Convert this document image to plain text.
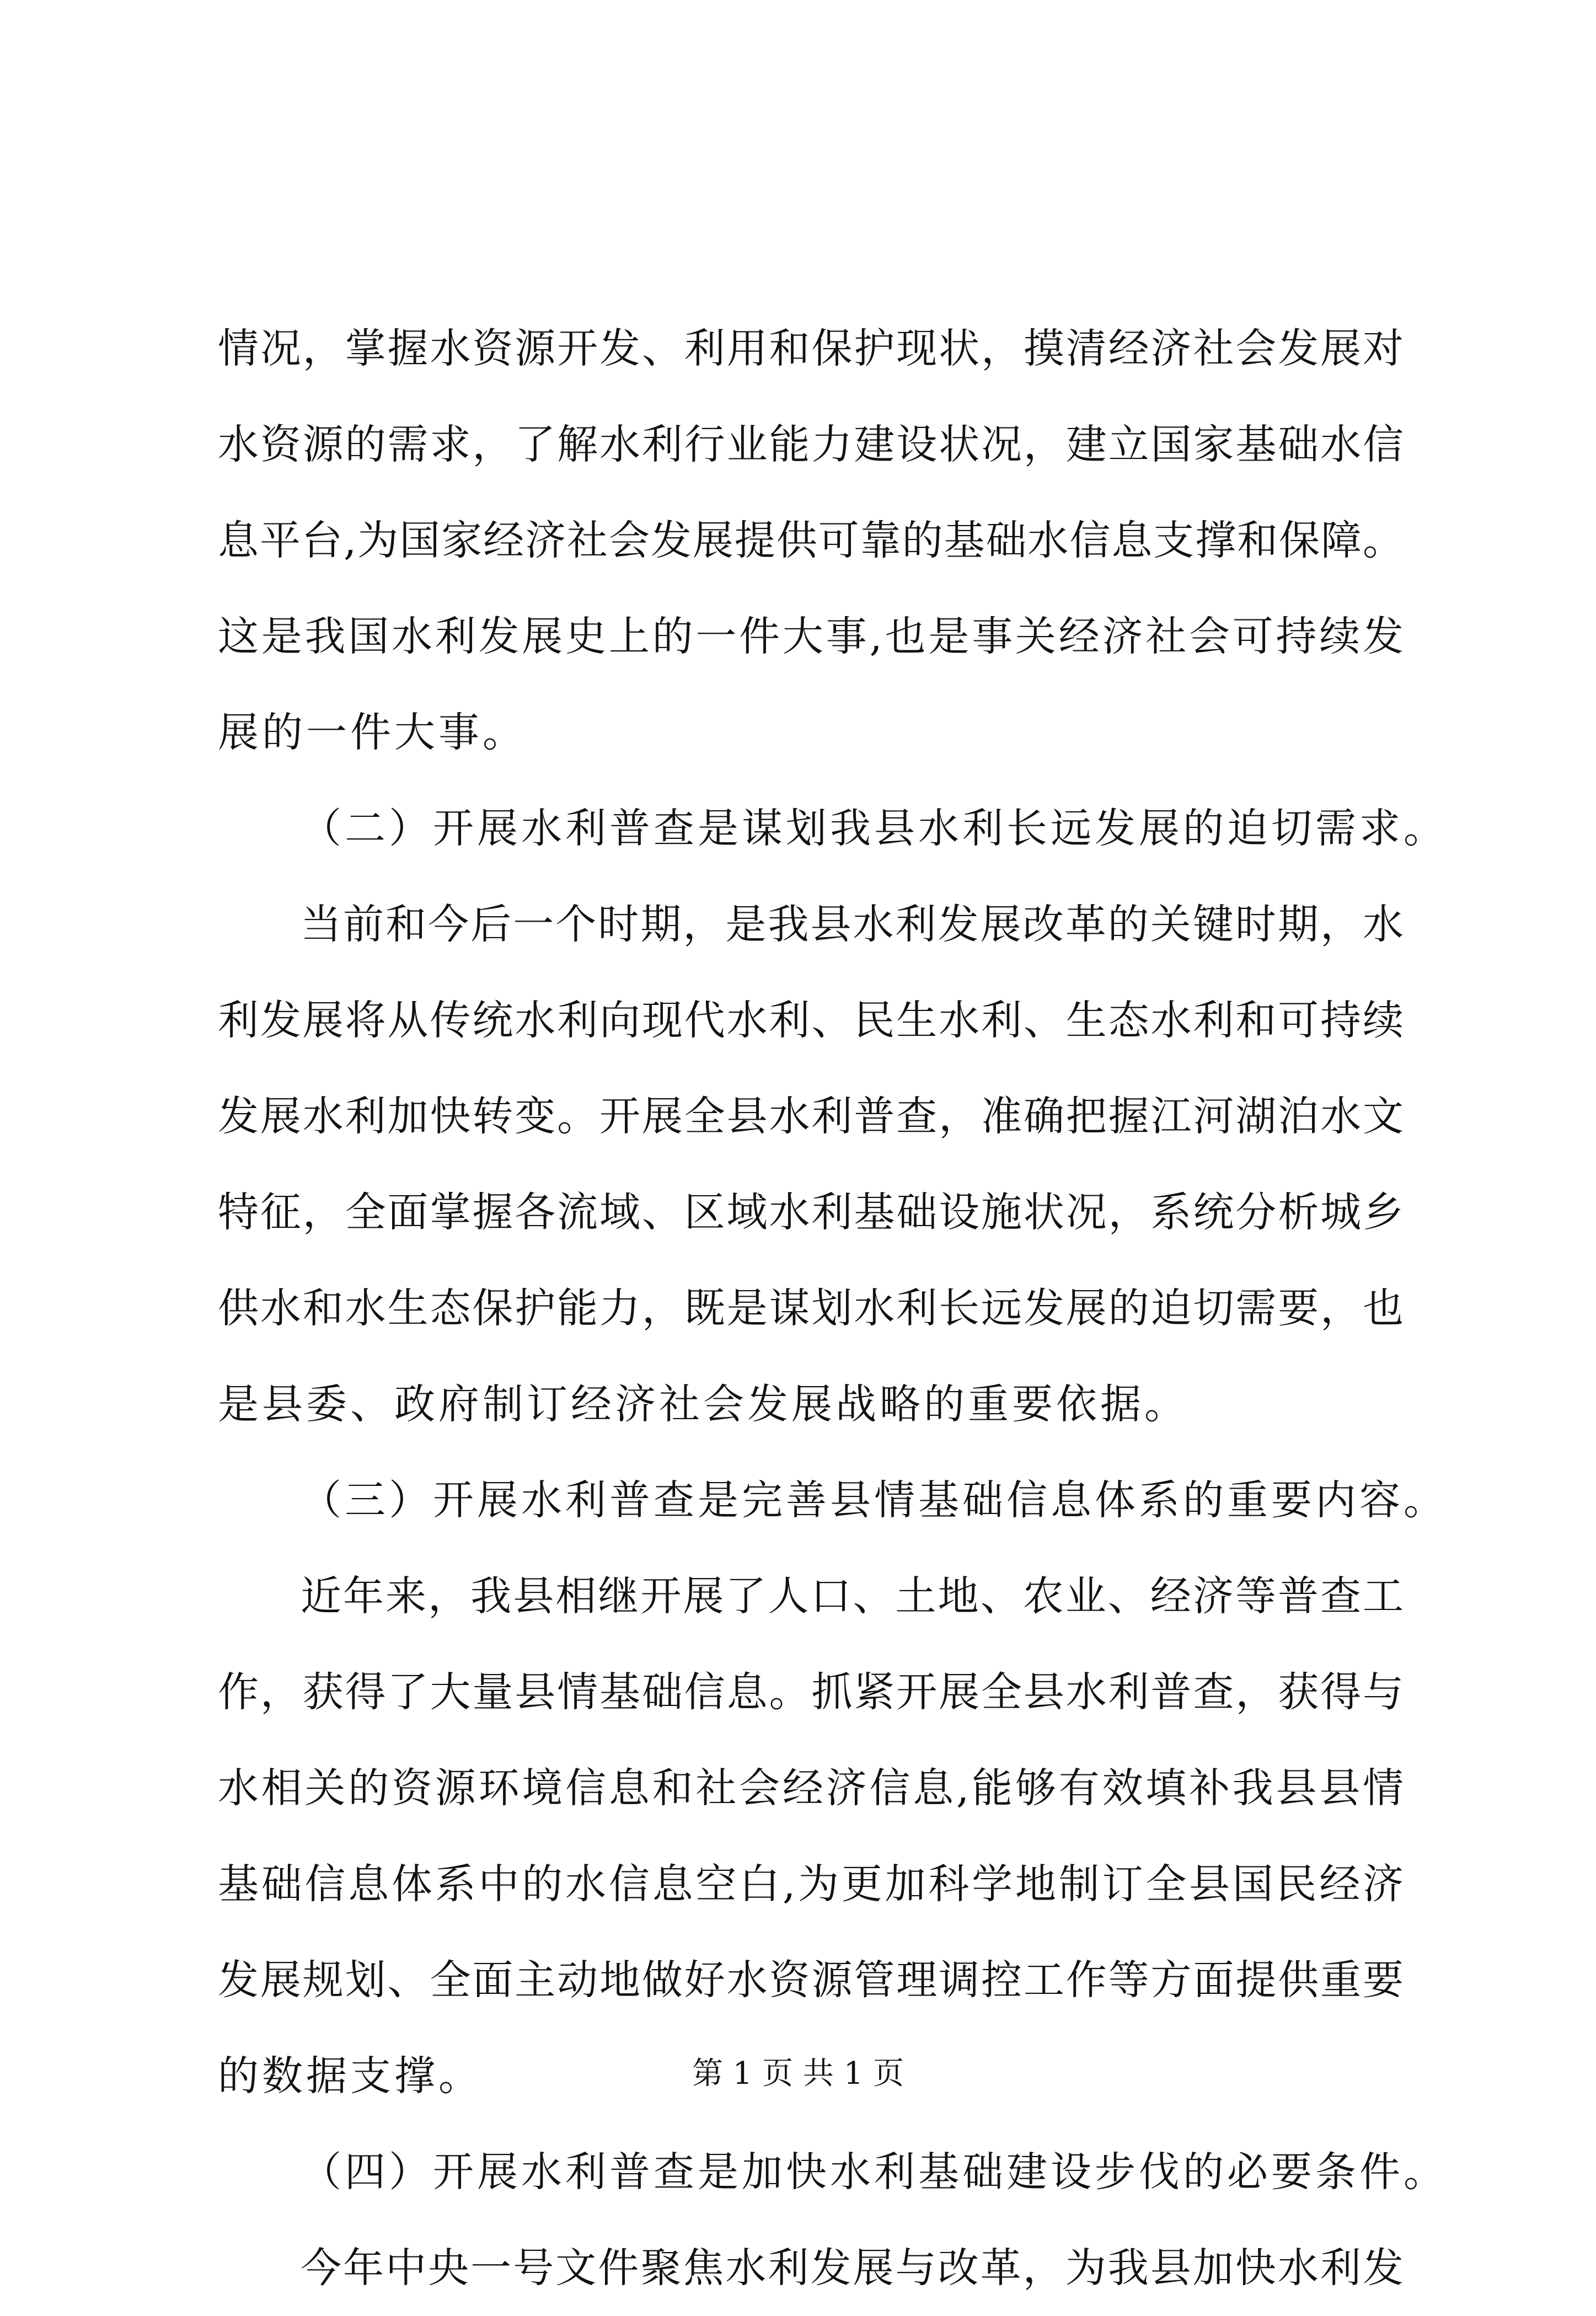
情况，掌握水资源开发、利用和保护现状，摸清经济社会发展对
水资源的需求，了解水利行业能力建设状况，建立国家基础水信
息平台,为国家经济社会发展提供可靠的基础水信息支撑和保障。
这是我国水利发展史上的一件大事,也是事关经济社会可持续发
展的一件大事。
（二）开展水利普查是谋划我县水利长远发展的迫切需求。
当前和今后一个时期，是我县水利发展改革的关键时期，水
利发展将从传统水利向现代水利、民生水利、生态水利和可持续
发展水利加快转变。开展全县水利普查，准确把握江河湖泊水文
特征，全面掌握各流域、区域水利基础设施状况，系统分析城乡
供水和水生态保护能力，既是谋划水利长远发展的迫切需要，也
是县委、政府制订经济社会发展战略的重要依据。
（三）开展水利普查是完善县情基础信息体系的重要内容。
近年来，我县相继开展了人口、土地、农业、经济等普查工
作，获得了大量县情基础信息。抓紧开展全县水利普查，获得与
水相关的资源环境信息和社会经济信息,能够有效填补我县县情
基础信息体系中的水信息空白,为更加科学地制订全县国民经济
发展规划、全面主动地做好水资源管理调控工作等方面提供重要
的数据支撑。
（四）开展水利普查是加快水利基础建设步伐的必要条件。
今年中央一号文件聚焦水利发展与改革，为我县加快水利发
第 1 页 共 1 页
